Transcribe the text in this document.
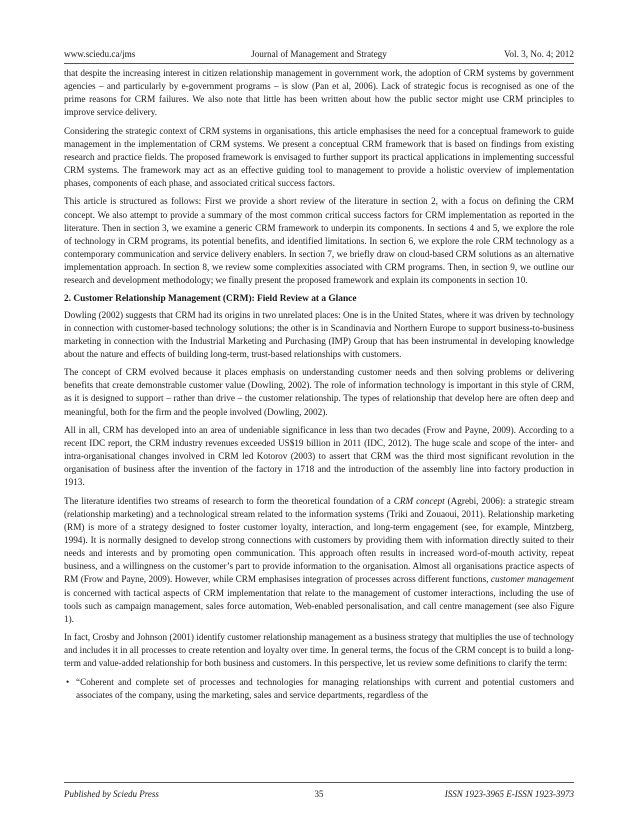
www.sciedu.ca/jms	Journal of Management and Strategy	Vol. 3, No. 4; 2012

that despite the increasing interest in citizen relationship management in government work, the adoption of CRM systems by government agencies – and particularly by e-government programs – is slow (Pan et al, 2006). Lack of strategic focus is recognised as one of the prime reasons for CRM failures. We also note that little has been written about how the public sector might use CRM principles to improve service delivery.

Considering the strategic context of CRM systems in organisations, this article emphasises the need for a conceptual framework to guide management in the implementation of CRM systems. We present a conceptual CRM framework that is based on findings from existing research and practice fields. The proposed framework is envisaged to further support its practical applications in implementing successful CRM systems. The framework may act as an effective guiding tool to management to provide a holistic overview of implementation phases, components of each phase, and associated critical success factors.

This article is structured as follows: First we provide a short review of the literature in section 2, with a focus on defining the CRM concept. We also attempt to provide a summary of the most common critical success factors for CRM implementation as reported in the literature. Then in section 3, we examine a generic CRM framework to underpin its components. In sections 4 and 5, we explore the role of technology in CRM programs, its potential benefits, and identified limitations. In section 6, we explore the role CRM technology as a contemporary communication and service delivery enablers. In section 7, we briefly draw on cloud-based CRM solutions as an alternative implementation approach. In section 8, we review some complexities associated with CRM programs. Then, in section 9, we outline our research and development methodology; we finally present the proposed framework and explain its components in section 10.

2. Customer Relationship Management (CRM): Field Review at a Glance

Dowling (2002) suggests that CRM had its origins in two unrelated places: One is in the United States, where it was driven by technology in connection with customer-based technology solutions; the other is in Scandinavia and Northern Europe to support business-to-business marketing in connection with the Industrial Marketing and Purchasing (IMP) Group that has been instrumental in developing knowledge about the nature and effects of building long-term, trust-based relationships with customers.

The concept of CRM evolved because it places emphasis on understanding customer needs and then solving problems or delivering benefits that create demonstrable customer value (Dowling, 2002). The role of information technology is important in this style of CRM, as it is designed to support – rather than drive – the customer relationship. The types of relationship that develop here are often deep and meaningful, both for the firm and the people involved (Dowling, 2002).

All in all, CRM has developed into an area of undeniable significance in less than two decades (Frow and Payne, 2009). According to a recent IDC report, the CRM industry revenues exceeded US$19 billion in 2011 (IDC, 2012). The huge scale and scope of the inter- and intra-organisational changes involved in CRM led Kotorov (2003) to assert that CRM was the third most significant revolution in the organisation of business after the invention of the factory in 1718 and the introduction of the assembly line into factory production in 1913.

The literature identifies two streams of research to form the theoretical foundation of a CRM concept (Agrebi, 2006): a strategic stream (relationship marketing) and a technological stream related to the information systems (Triki and Zouaoui, 2011). Relationship marketing (RM) is more of a strategy designed to foster customer loyalty, interaction, and long-term engagement (see, for example, Mintzberg, 1994). It is normally designed to develop strong connections with customers by providing them with information directly suited to their needs and interests and by promoting open communication. This approach often results in increased word-of-mouth activity, repeat business, and a willingness on the customer’s part to provide information to the organisation. Almost all organisations practice aspects of RM (Frow and Payne, 2009). However, while CRM emphasises integration of processes across different functions, customer management is concerned with tactical aspects of CRM implementation that relate to the management of customer interactions, including the use of tools such as campaign management, sales force automation, Web-enabled personalisation, and call centre management (see also Figure 1).

In fact, Crosby and Johnson (2001) identify customer relationship management as a business strategy that multiplies the use of technology and includes it in all processes to create retention and loyalty over time. In general terms, the focus of the CRM concept is to build a long-term and value-added relationship for both business and customers. In this perspective, let us review some definitions to clarify the term:

• “Coherent and complete set of processes and technologies for managing relationships with current and potential customers and associates of the company, using the marketing, sales and service departments, regardless of the
Published by Sciedu Press	35	ISSN 1923-3965 E-ISSN 1923-3973
